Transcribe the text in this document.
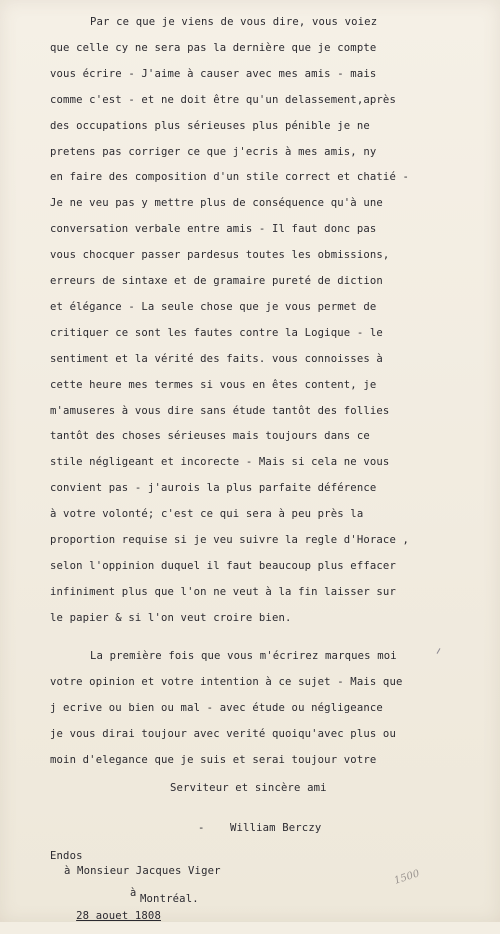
Par ce que je viens de vous dire, vous voiez
que celle cy ne sera pas la dernière que je compte
vous écrire - J'aime à causer avec mes amis - mais
comme c'est - et ne doit être qu'un delassement,après
des occupations plus sérieuses plus pénible je ne
pretens pas corriger ce que j'ecris à mes amis, ny
en faire des composition d'un stile correct et chatié -
Je ne veu pas y mettre plus de conséquence qu'à une
conversation verbale entre amis - Il faut donc pas
vous chocquer passer pardesus toutes les obmissions,
erreurs de sintaxe et de gramaire pureté de diction
et élégance - La seule chose que je vous permet de
critiquer ce sont les fautes contre la Logique - le
sentiment et la vérité des faits. vous connoisses à
cette heure mes termes si vous en êtes content, je
m'amuseres à vous dire sans étude tantôt des follies
tantôt des choses sérieuses mais toujours dans ce
stile négligeant et incorecte - Mais si cela ne vous
convient pas - j'aurois la plus parfaite déférence
à votre volonté; c'est ce qui sera à peu près la
proportion requise si je veu suivre la regle d'Horace ,
selon l'oppinion duquel il faut beaucoup plus effacer
infiniment plus que l'on ne veut à la fin laisser sur
le papier & si l'on veut croire bien.
La première fois que vous m'écrirez marques moi
votre opinion et votre intention à ce sujet - Mais que
j ecrive ou bien ou mal - avec étude ou négligeance
je vous dirai toujour avec verité quoiqu'avec plus ou
moin d'elegance que je suis et serai toujour votre
Serviteur et sincère ami
- William Berczy
Endos
à Monsieur Jacques Viger

28 aouet 1808

à Montréal.
1500
